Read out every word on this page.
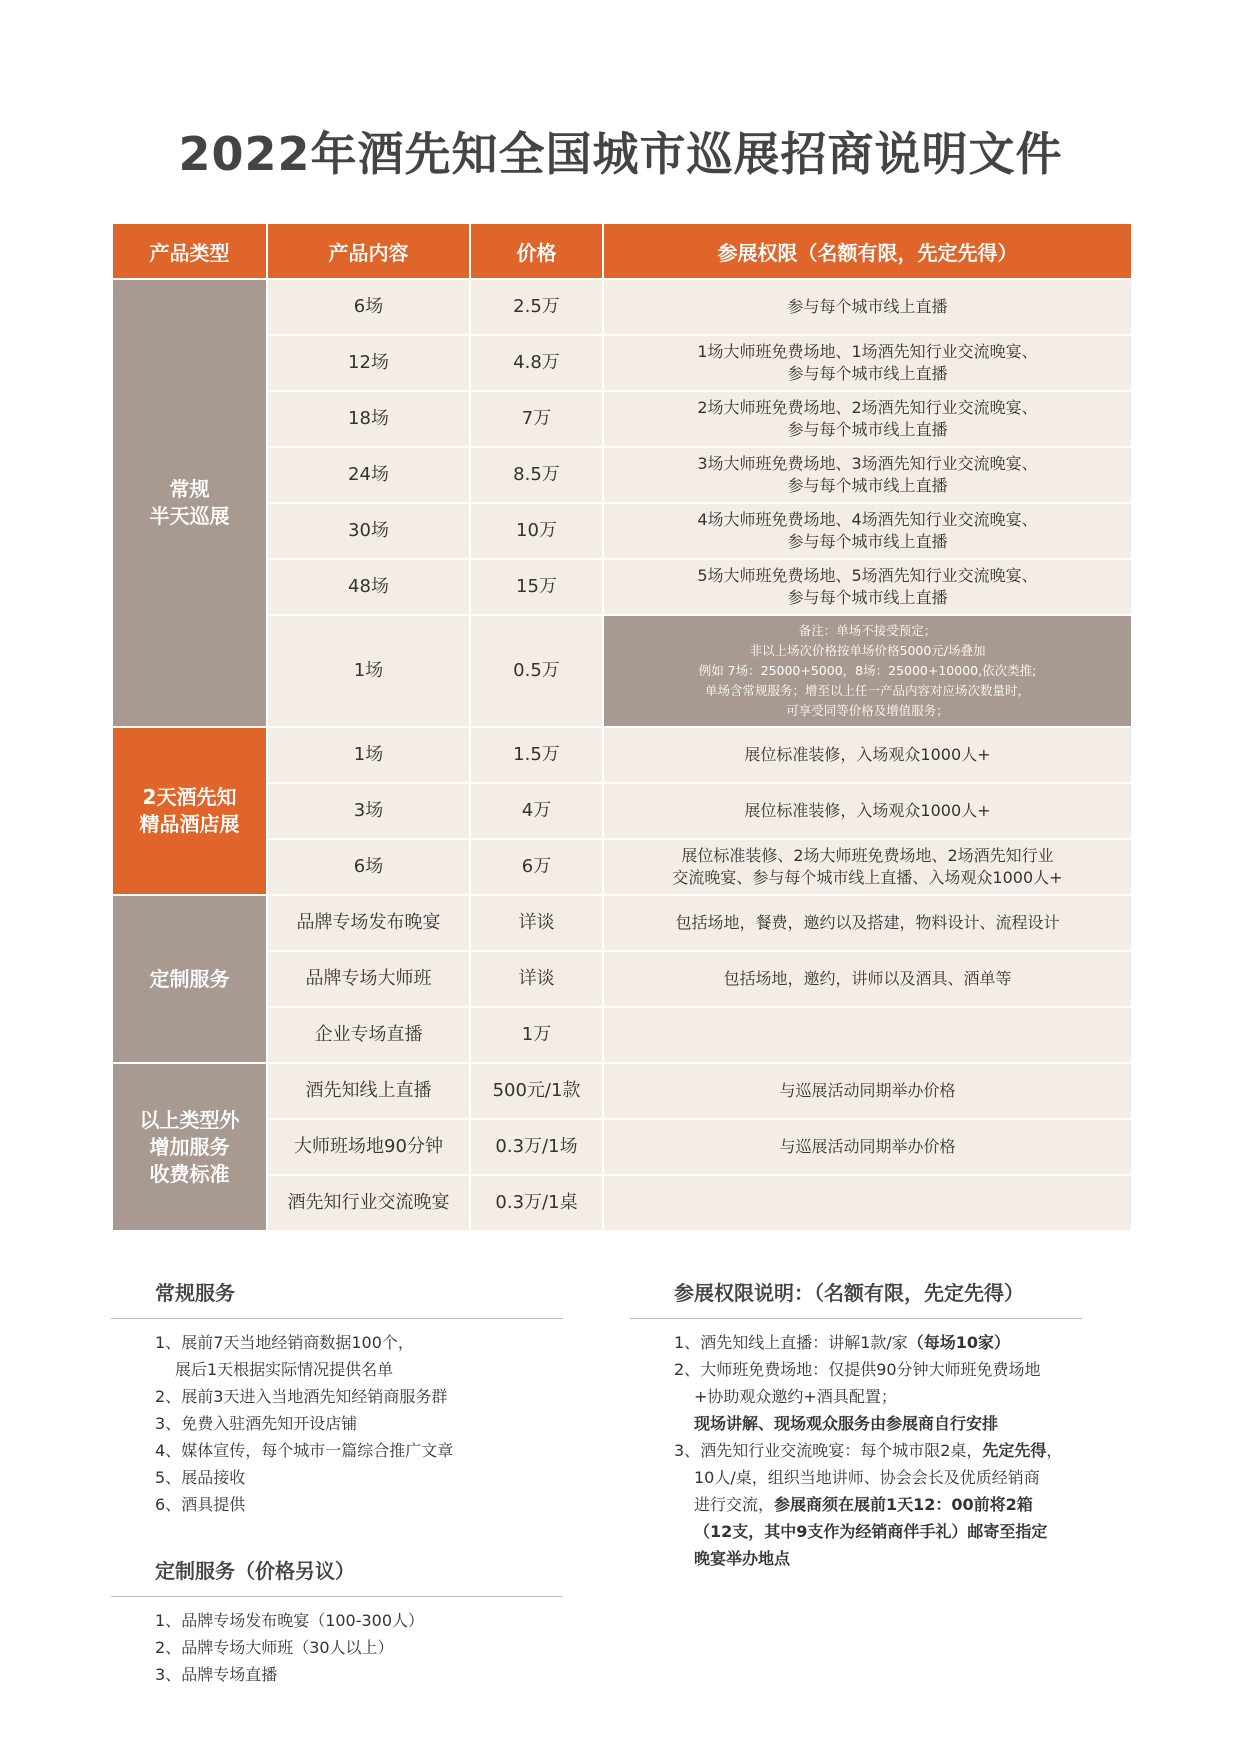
2022年酒先知全国城市巡展招商说明文件
产品类型	产品内容	价格	参展权限（名额有限，先定先得）
常规
半天巡展	6场	2.5万	参与每个城市线上直播
	12场	4.8万	1场大师班免费场地、1场酒先知行业交流晚宴、
参与每个城市线上直播

	18场	7万	2场大师班免费场地、2场酒先知行业交流晚宴、
参与每个城市线上直播

	24场	8.5万	3场大师班免费场地、3场酒先知行业交流晚宴、
参与每个城市线上直播

	30场	10万	4场大师班免费场地、4场酒先知行业交流晚宴、
参与每个城市线上直播

	48场	15万	5场大师班免费场地、5场酒先知行业交流晚宴、
参与每个城市线上直播

	1场	0.5万	备注：单场不接受预定；
非以上场次价格按单场价格5000元/场叠加
例如 7场：25000+5000，8场：25000+10000,依次类推;
单场含常规服务；增至以上任一产品内容对应场次数量时，
可享受同等价格及增值服务；

2天酒先知
精品酒店展	1场	1.5万	展位标准装修，入场观众1000人+
	3场	4万	展位标准装修，入场观众1000人+
	6场	6万	展位标准装修、2场大师班免费场地、2场酒先知行业
交流晚宴、参与每个城市线上直播、入场观众1000人+

定制服务	品牌专场发布晚宴	详谈	包括场地，餐费，邀约以及搭建，物料设计、流程设计
	品牌专场大师班	详谈	包括场地，邀约，讲师以及酒具、酒单等
	企业专场直播	1万	
以上类型外
增加服务
收费标准	酒先知线上直播	500元/1款	与巡展活动同期举办价格
	大师班场地90分钟	0.3万/1场	与巡展活动同期举办价格
	酒先知行业交流晚宴	0.3万/1桌	
常规服务
1、展前7天当地经销商数据100个，
展后1天根据实际情况提供名单
2、展前3天进入当地酒先知经销商服务群
3、免费入驻酒先知开设店铺
4、媒体宣传，每个城市一篇综合推广文章
5、展品接收
6、酒具提供
定制服务（价格另议）
1、品牌专场发布晚宴（100-300人）
2、品牌专场大师班（30人以上）
3、品牌专场直播
参展权限说明：（名额有限，先定先得）
1、酒先知线上直播：讲解1款/家（每场10家）
2、大师班免费场地：仅提供90分钟大师班免费场地
+协助观众邀约+酒具配置；
现场讲解、现场观众服务由参展商自行安排
3、酒先知行业交流晚宴：每个城市限2桌，先定先得，
10人/桌，组织当地讲师、协会会长及优质经销商
进行交流，参展商须在展前1天12：00前将2箱
（12支，其中9支作为经销商伴手礼）邮寄至指定
晚宴举办地点
